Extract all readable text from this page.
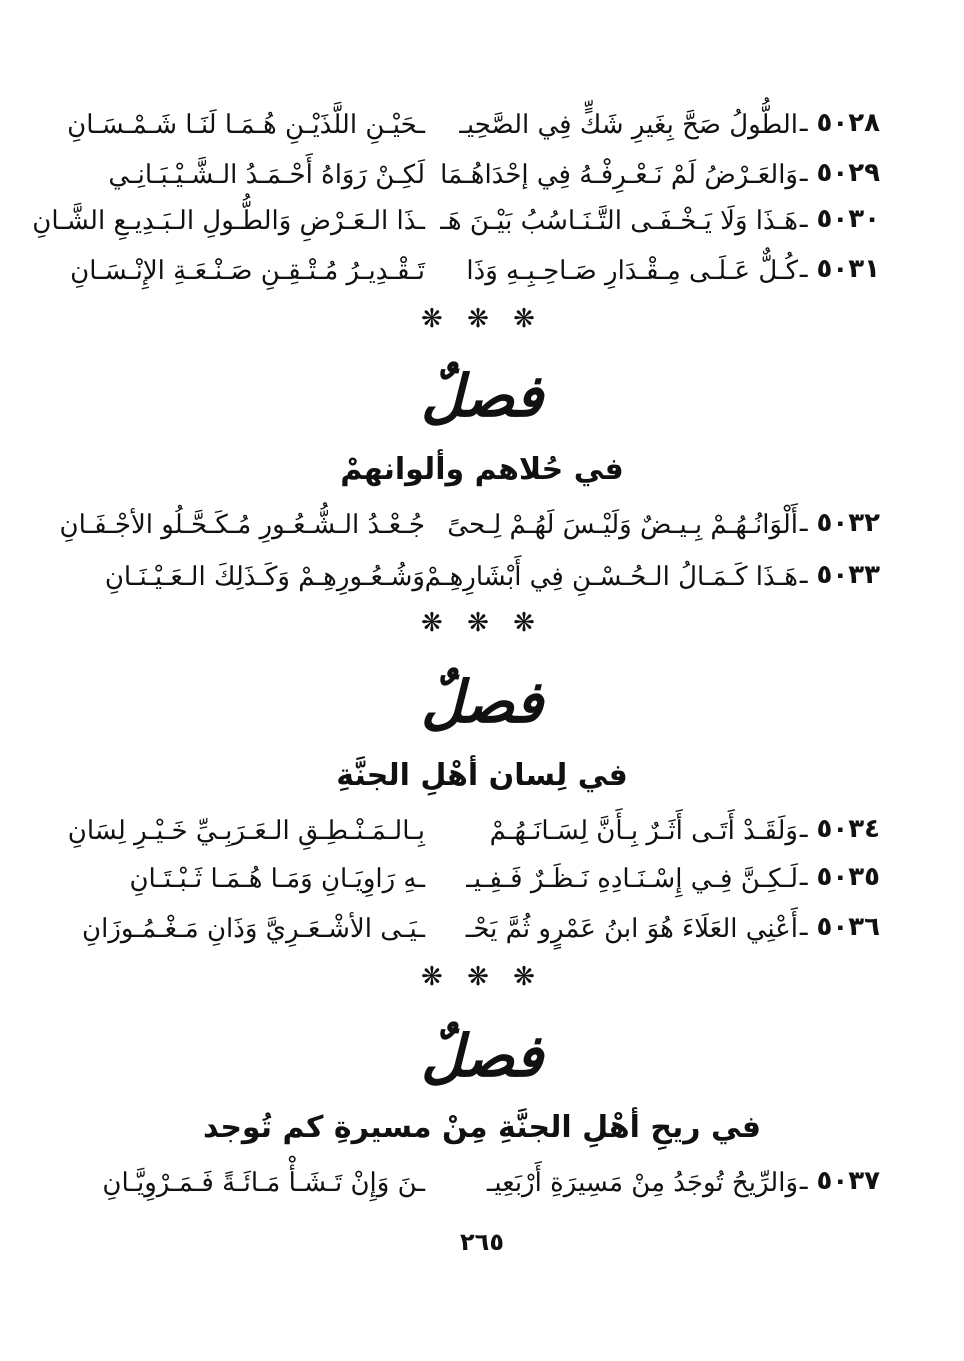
٥٠٢٨ ـ
الطُّولُ صَحَّ بِغَيرِ شَكٍّ فِي الصَّحِيـ
ـحَيْـنِ اللَّذَيْـنِ هُـمَـا لَنَـا شَـمْـسَـانِ
٥٠٢٩ ـ
وَالعَـرْضُ لَمْ نَـعْـرِفْـهُ فِي إحْدَاهُـمَا
لَكِـنْ رَوَاهُ أَحْـمَـدُ الـشَّـيْـبَـانِـي
٥٠٣٠ ـ
هَـذَا وَلَا يَـخْـفَـى التَّـنَـاسُبُ بَيْـنَ هَـ
ـذَا الـعَـرْضِ وَالطُّـولِ الـبَـدِيـعِ الشَّـانِ
٥٠٣١ ـ
كُـلٌّ عَـلَـى مِـقْـدَارِ صَـاحِـبِـهِ وَذَا
تَـقْـدِيـرُ مُـتْـقِـنِ صَـنْـعَـةِ الإِنْـسَـانِ
❋ ❋ ❋
فصلٌ
في حُلاهم وألوانهمْ
٥٠٣٢ ـ
أَلْوَانُـهُـمْ بِـيـضٌ وَلَيْـسَ لَهُـمْ لِـحىً
جُـعْـدُ الـشُّـعُـورِ مُـكَـحَّـلُو الأجْـفَـانِ
٥٠٣٣ ـ
هَـذَا كَـمَـالُ الـحُـسْـنِ فِي أَبْشَارِهِـمْ
وَشُـعُـورِهِـمْ وَكَـذَلِكَ الـعَـيْـنَـانِ
❋ ❋ ❋
فصلٌ
في لِسان أهْلِ الجنَّةِ
٥٠٣٤ ـ
وَلَقَـدْ أَتَـى أَثَـرٌ بِـأَنَّ لِسَـانَـهُـمْ
بِـالـمَـنْـطِـقِ الـعَـرَبِـيِّ خَـيْـرِ لِسَانِ
٥٠٣٥ ـ
لَـكِـنَّ فِـي إِسْـنَـادِهِ نَـظَـرٌ فَـفِـيـ
ـهِ رَاوِيَـانِ وَمَـا هُـمَـا ثَـبْـتَـانِ
٥٠٣٦ ـ
أَعْنِي العَلَاءَ هُوَ ابنُ عَمْرٍو ثُمَّ يَحْـ
ـيَـى الأشْـعَـرِيَّ وَذَانِ مَـغْـمُـوزَانِ
❋ ❋ ❋
فصلٌ
في ريحِ أهْلِ الجنَّةِ مِنْ مسيرةِ كم تُوجد
٥٠٣٧ ـ
وَالرِّيحُ تُوجَدُ مِنْ مَسِيرَةِ أَرْبَعِيـ
ـنَ وَإِنْ تَـشَـأْ مَـائَـةً فَـمَـرْوِيَّـانِ
٢٦٥
